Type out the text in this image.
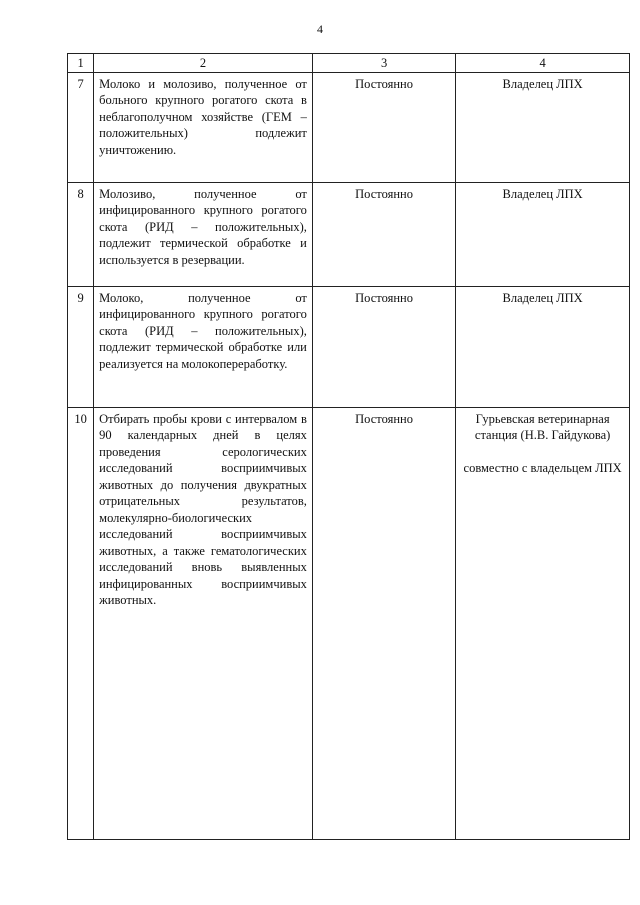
4
1	2	3	4
7	Молоко и молозиво, полученное от больного крупного рогатого скота в неблагополучном хозяйстве (ГЕМ – положительных) подлежит уничтожению.	Постоянно	Владелец ЛПХ

8	Молозиво, полученное от инфицированного крупного рогатого скота (РИД – положительных), подлежит термической обработке и используется в резервации.	Постоянно	Владелец ЛПХ

9	Молоко, полученное от инфицированного крупного рогатого скота (РИД – положительных), подлежит термической обработке или реализуется на молокопереработку.	Постоянно	Владелец ЛПХ

10	Отбирать пробы крови с интервалом в 90 календарных дней в целях проведения серологических исследований восприимчивых животных до получения двукратных отрицательных результатов, молекулярно-биологических исследований восприимчивых животных, а также гематологических исследований вновь выявленных инфицированных восприимчивых животных.	Постоянно	Гурьевская ветеринарная станция (Н.В. Гайдукова)
совместно с владельцем ЛПХ
